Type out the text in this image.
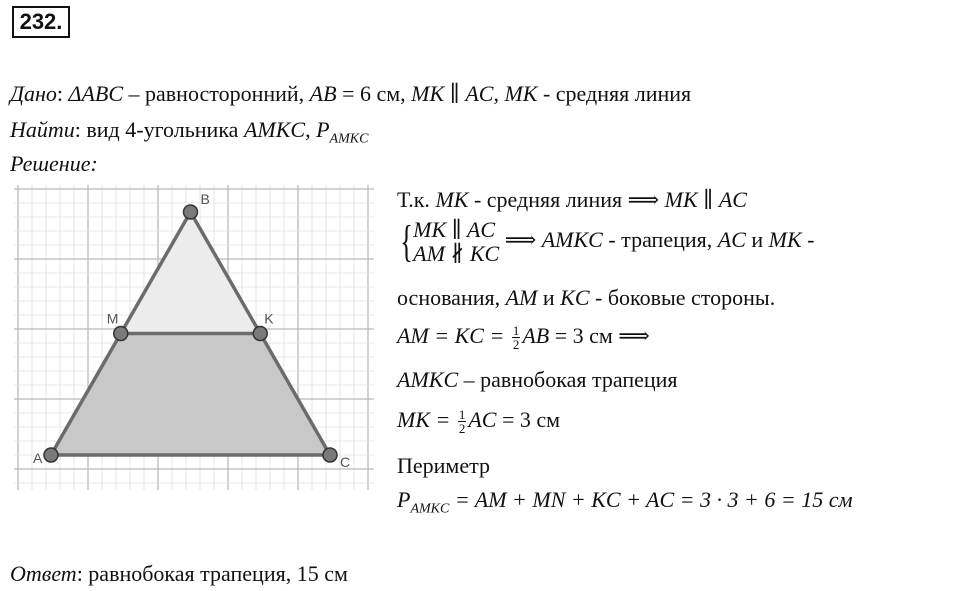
232.
Дано: ΔABC – равносторонний, AB = 6 см, MK ∥ AC, MK - средняя линия
Найти: вид 4-угольника AMKC, $P_{AMKC}$
Решение:
A
B
C
M	K
Т.к. MK - средняя линия ⟹ MK ∥ AC
{ MK ∥ AC
AM ∦ KC
⟹ AMKC - трапеция, AC и MK -
основания, AM и KC - боковые стороны.
AM = KC = $\frac{1}{2}$ AB = 3 см ⟹
AMKC – равнобокая трапеция
MK = $\frac{1}{2}$ AC = 3 см
Периметр
$P_{AMKC}$ = AM + MN + KC + AC = 3 · 3 + 6 = 15 см
Ответ: равнобокая трапеция, 15 см
